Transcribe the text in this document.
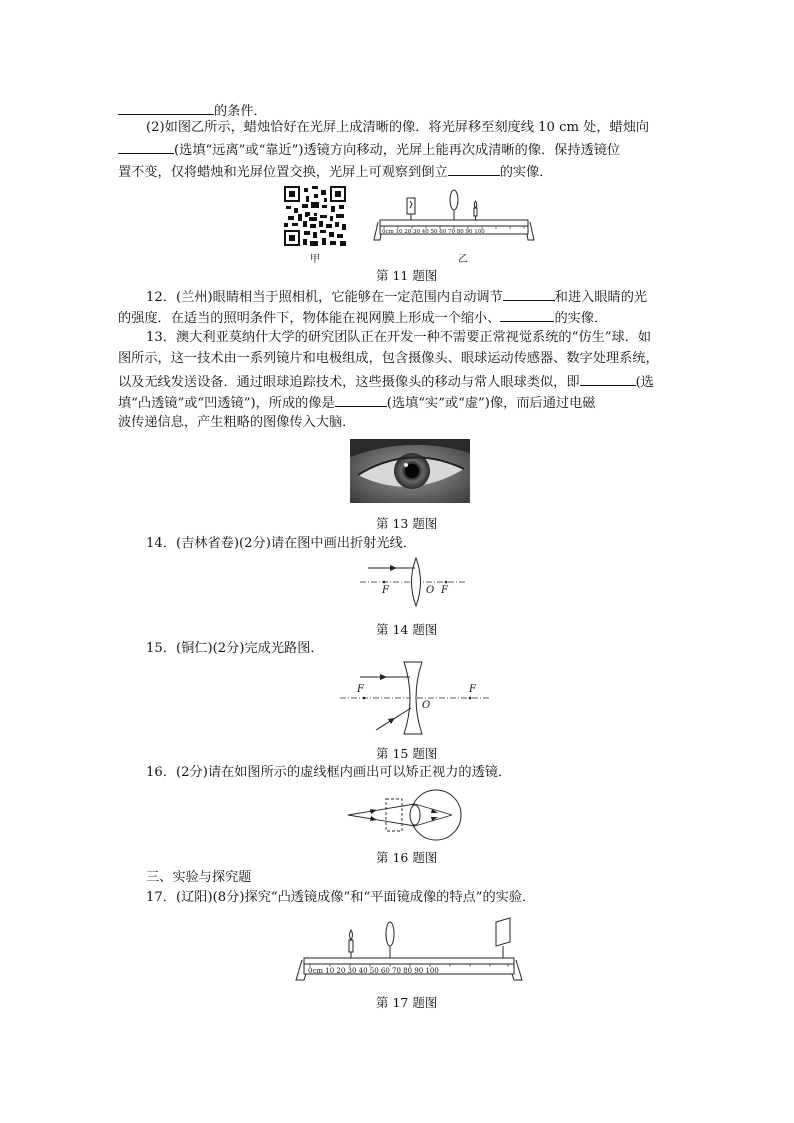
的条件．
(2)如图乙所示，蜡烛恰好在光屏上成清晰的像．将光屏移至刻度线 10 cm 处，蜡烛向
(选填“远离”或“靠近”)透镜方向移动，光屏上能再次成清晰的像．保持透镜位
置不变，仅将蜡烛和光屏位置交换，光屏上可观察到倒立	的实像．
甲
0cm 10 20 30 40 50 60 70 80 90 100
乙
第 11 题图
12．(兰州)眼睛相当于照相机，它能够在一定范围内自动调节	和进入眼睛的光
的强度．在适当的照明条件下，物体能在视网膜上形成一个缩小、	的实像．
13．澳大利亚莫纳什大学的研究团队正在开发一种不需要正常视觉系统的“仿生”球．如
图所示，这一技术由一系列镜片和电极组成，包含摄像头、眼球运动传感器、数字处理系统，
以及无线发送设备．通过眼球追踪技术，这些摄像头的移动与常人眼球类似，即	(选
填“凸透镜”或“凹透镜”)，所成的像是	(选填“实”或“虚”)像，而后通过电磁
波传递信息，产生粗略的图像传入大脑．
第 13 题图
14．(吉林省卷)(2分)请在图中画出折射光线．
F	O F
第 14 题图
15．(铜仁)(2分)完成光路图．
F
O
F
第 15 题图
16．(2分)请在如图所示的虚线框内画出可以矫正视力的透镜．
第 16 题图
三、实验与探究题
17．(辽阳)(8分)探究“凸透镜成像”和“平面镜成像的特点”的实验．
0cm 10 20 30 40 50 60 70 80 90 100
第 17 题图
